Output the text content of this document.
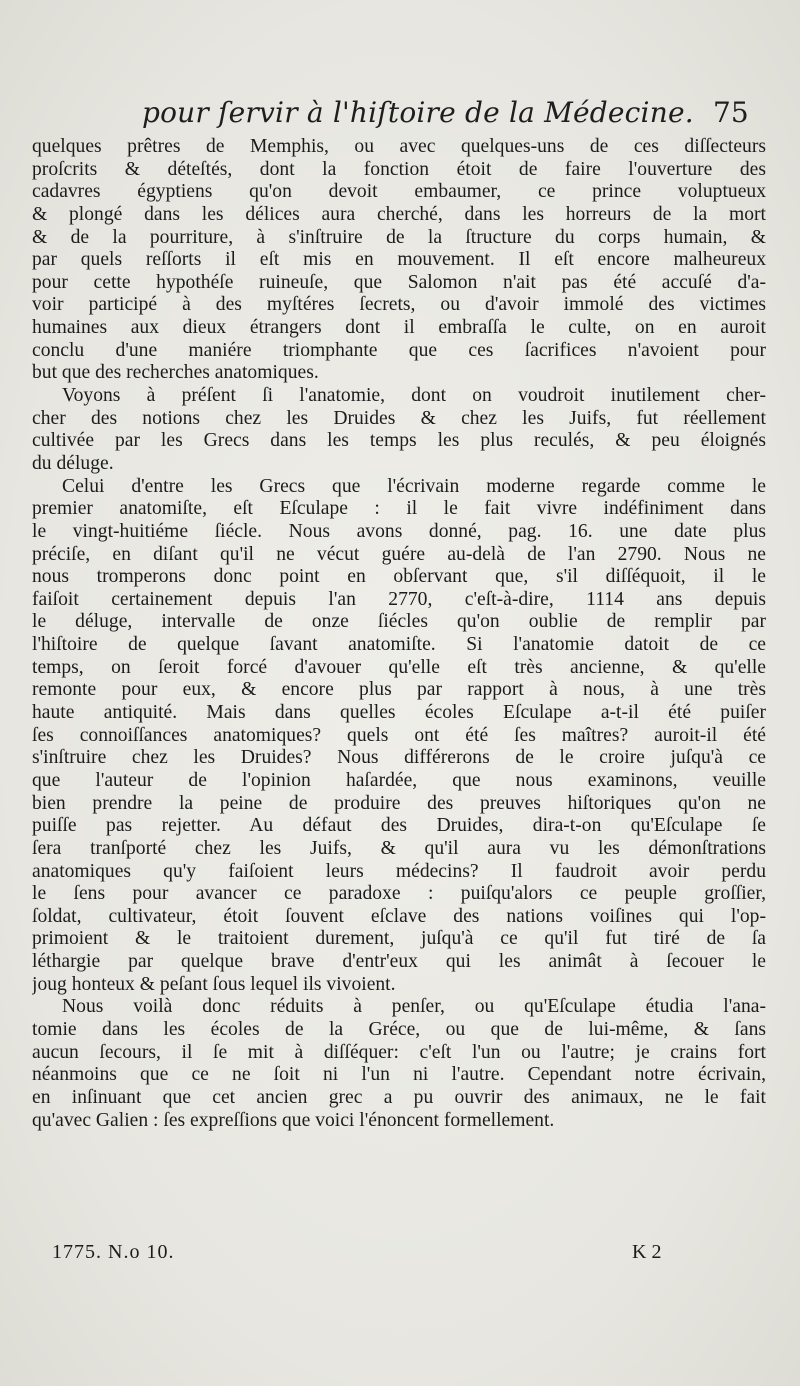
pour ſervir à l'hiſtoire de la Médecine. 75
quelques prêtres de Memphis, ou avec quelques-uns de ces diſſecteurs
proſcrits & déteſtés, dont la fonction étoit de faire l'ouverture des
cadavres égyptiens qu'on devoit embaumer, ce prince voluptueux
& plongé dans les délices aura cherché, dans les horreurs de la mort
& de la pourriture, à s'inſtruire de la ſtructure du corps humain, &
par quels reſſorts il eſt mis en mouvement. Il eſt encore malheureux
pour cette hypothéſe ruineuſe, que Salomon n'ait pas été accuſé d'a-
voir participé à des myſtéres ſecrets, ou d'avoir immolé des victimes
humaines aux dieux étrangers dont il embraſſa le culte, on en auroit
conclu d'une maniére triomphante que ces ſacrifices n'avoient pour
but que des recherches anatomiques.
Voyons à préſent ſi l'anatomie, dont on voudroit inutilement cher-
cher des notions chez les Druides & chez les Juifs, fut réellement
cultivée par les Grecs dans les temps les plus reculés, & peu éloignés
du déluge.
Celui d'entre les Grecs que l'écrivain moderne regarde comme le
premier anatomiſte, eſt Eſculape : il le fait vivre indéfiniment dans
le vingt-huitiéme ſiécle. Nous avons donné, pag. 16. une date plus
préciſe, en diſant qu'il ne vécut guére au-delà de l'an 2790. Nous ne
nous tromperons donc point en obſervant que, s'il diſſéquoit, il le
faiſoit certainement depuis l'an 2770, c'eſt-à-dire, 1114 ans depuis
le déluge, intervalle de onze ſiécles qu'on oublie de remplir par
l'hiſtoire de quelque ſavant anatomiſte. Si l'anatomie datoit de ce
temps, on ſeroit forcé d'avouer qu'elle eſt très ancienne, & qu'elle
remonte pour eux, & encore plus par rapport à nous, à une très
haute antiquité. Mais dans quelles écoles Eſculape a-t-il été puiſer
ſes connoiſſances anatomiques? quels ont été ſes maîtres? auroit-il été
s'inſtruire chez les Druides? Nous différerons de le croire juſqu'à ce
que l'auteur de l'opinion haſardée, que nous examinons, veuille
bien prendre la peine de produire des preuves hiſtoriques qu'on ne
puiſſe pas rejetter. Au défaut des Druides, dira-t-on qu'Eſculape ſe
ſera tranſporté chez les Juifs, & qu'il aura vu les démonſtrations
anatomiques qu'y faiſoient leurs médecins? Il faudroit avoir perdu
le ſens pour avancer ce paradoxe : puiſqu'alors ce peuple groſſier,
ſoldat, cultivateur, étoit ſouvent eſclave des nations voiſines qui l'op-
primoient & le traitoient durement, juſqu'à ce qu'il fut tiré de ſa
léthargie par quelque brave d'entr'eux qui les animât à ſecouer le
joug honteux & peſant ſous lequel ils vivoient.
Nous voilà donc réduits à penſer, ou qu'Eſculape étudia l'ana-
tomie dans les écoles de la Gréce, ou que de lui-même, & ſans
aucun ſecours, il ſe mit à diſſéquer: c'eſt l'un ou l'autre; je crains fort
néanmoins que ce ne ſoit ni l'un ni l'autre. Cependant notre écrivain,
en inſinuant que cet ancien grec a pu ouvrir des animaux, ne le fait
qu'avec Galien : ſes expreſſions que voici l'énoncent formellement.
1775. N.o 10.	K 2
